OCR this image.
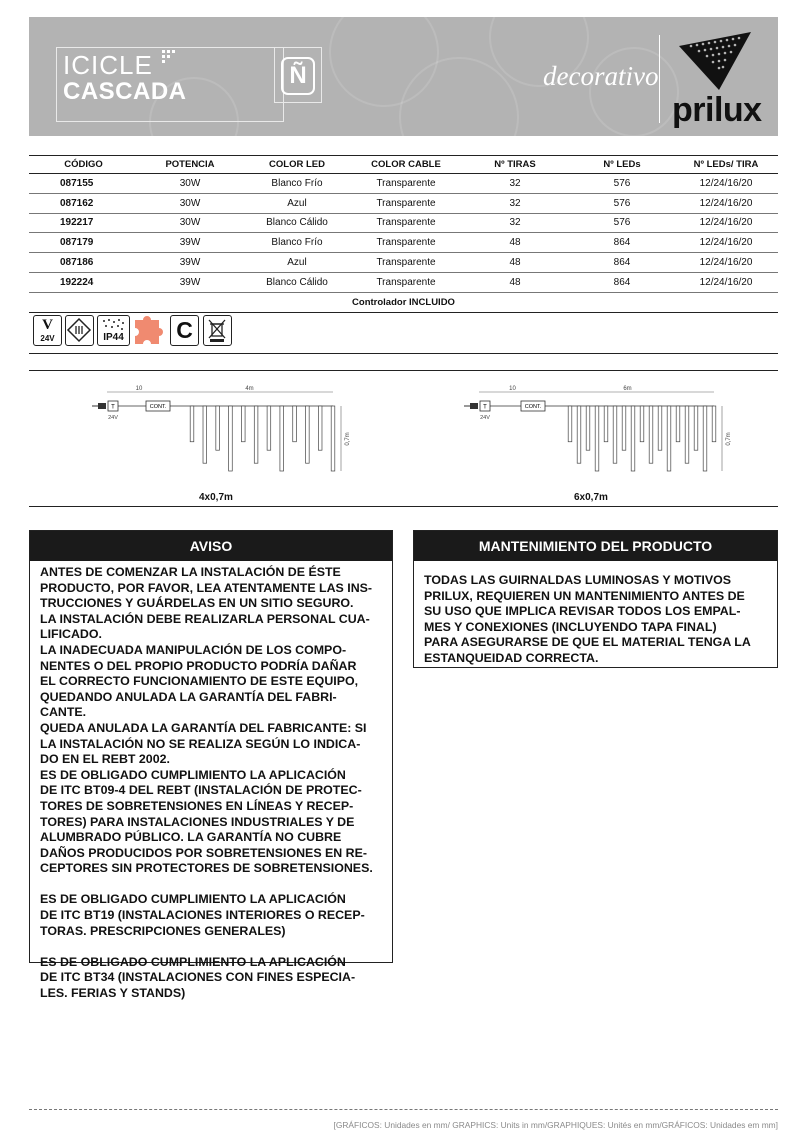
ICICLE
CASCADA
Ñ	decorativo
prilux
CÓDIGO	POTENCIA	COLOR LED	COLOR CABLE	Nº TIRAS	Nº LEDs	Nº LEDs/ TIRA
087155	30W	Blanco Frío	Transparente	32	576	12/24/16/20
087162	30W	Azul	Transparente	32	576	12/24/16/20
192217	30W	Blanco Cálido	Transparente	32	576	12/24/16/20
087179	39W	Blanco Frío	Transparente	48	864	12/24/16/20
087186	39W	Azul	Transparente	48	864	12/24/16/20
192224	39W	Blanco Cálido	Transparente	48	864	12/24/16/20
Controlador INCLUIDO						
V
24V	IP44 C
10	4m
T
24V
CONT.
0,7m
10	6m
T
24V
CONT.
0,7m
4x0,7m	6x0,7m
AVISO
ANTES DE COMENZAR LA INSTALACIÓN DE ÉSTE
PRODUCTO, POR FAVOR, LEA ATENTAMENTE LAS INS-
TRUCCIONES Y GUÁRDELAS EN UN SITIO SEGURO.
LA INSTALACIÓN DEBE REALIZARLA PERSONAL CUA-
LIFICADO.
LA INADECUADA MANIPULACIÓN DE LOS COMPO-
NENTES O DEL PROPIO PRODUCTO PODRÍA DAÑAR
EL CORRECTO FUNCIONAMIENTO DE ESTE EQUIPO,
QUEDANDO ANULADA LA GARANTÍA DEL FABRI-
CANTE.
QUEDA ANULADA LA GARANTÍA DEL FABRICANTE: SI
LA INSTALACIÓN NO SE REALIZA SEGÚN LO INDICA-
DO EN EL REBT 2002.
ES DE OBLIGADO CUMPLIMIENTO LA APLICACIÓN
DE ITC BT09-4 DEL REBT (INSTALACIÓN DE PROTEC-
TORES DE SOBRETENSIONES EN LÍNEAS Y RECEP-
TORES) PARA INSTALACIONES INDUSTRIALES Y DE
ALUMBRADO PÚBLICO. LA GARANTÍA NO CUBRE
DAÑOS PRODUCIDOS POR SOBRETENSIONES EN RE-
CEPTORES SIN PROTECTORES DE SOBRETENSIONES.

ES DE OBLIGADO CUMPLIMIENTO LA APLICACIÓN
DE ITC BT19 (INSTALACIONES INTERIORES O RECEP-
TORAS. PRESCRIPCIONES GENERALES)

ES DE OBLIGADO CUMPLIMIENTO LA APLICACIÓN
DE ITC BT34 (INSTALACIONES CON FINES ESPECIA-
LES. FERIAS Y STANDS)
MANTENIMIENTO DEL PRODUCTO
TODAS LAS GUIRNALDAS LUMINOSAS Y MOTIVOS
PRILUX, REQUIEREN UN MANTENIMIENTO ANTES DE
SU USO QUE IMPLICA REVISAR TODOS LOS EMPAL-
MES Y CONEXIONES (INCLUYENDO TAPA FINAL)
PARA ASEGURARSE DE QUE EL MATERIAL TENGA LA
ESTANQUEIDAD CORRECTA.
[GRÁFICOS: Unidades en mm/ GRAPHICS: Units in mm/GRAPHIQUES: Unités en mm/GRÁFICOS: Unidades em mm]
